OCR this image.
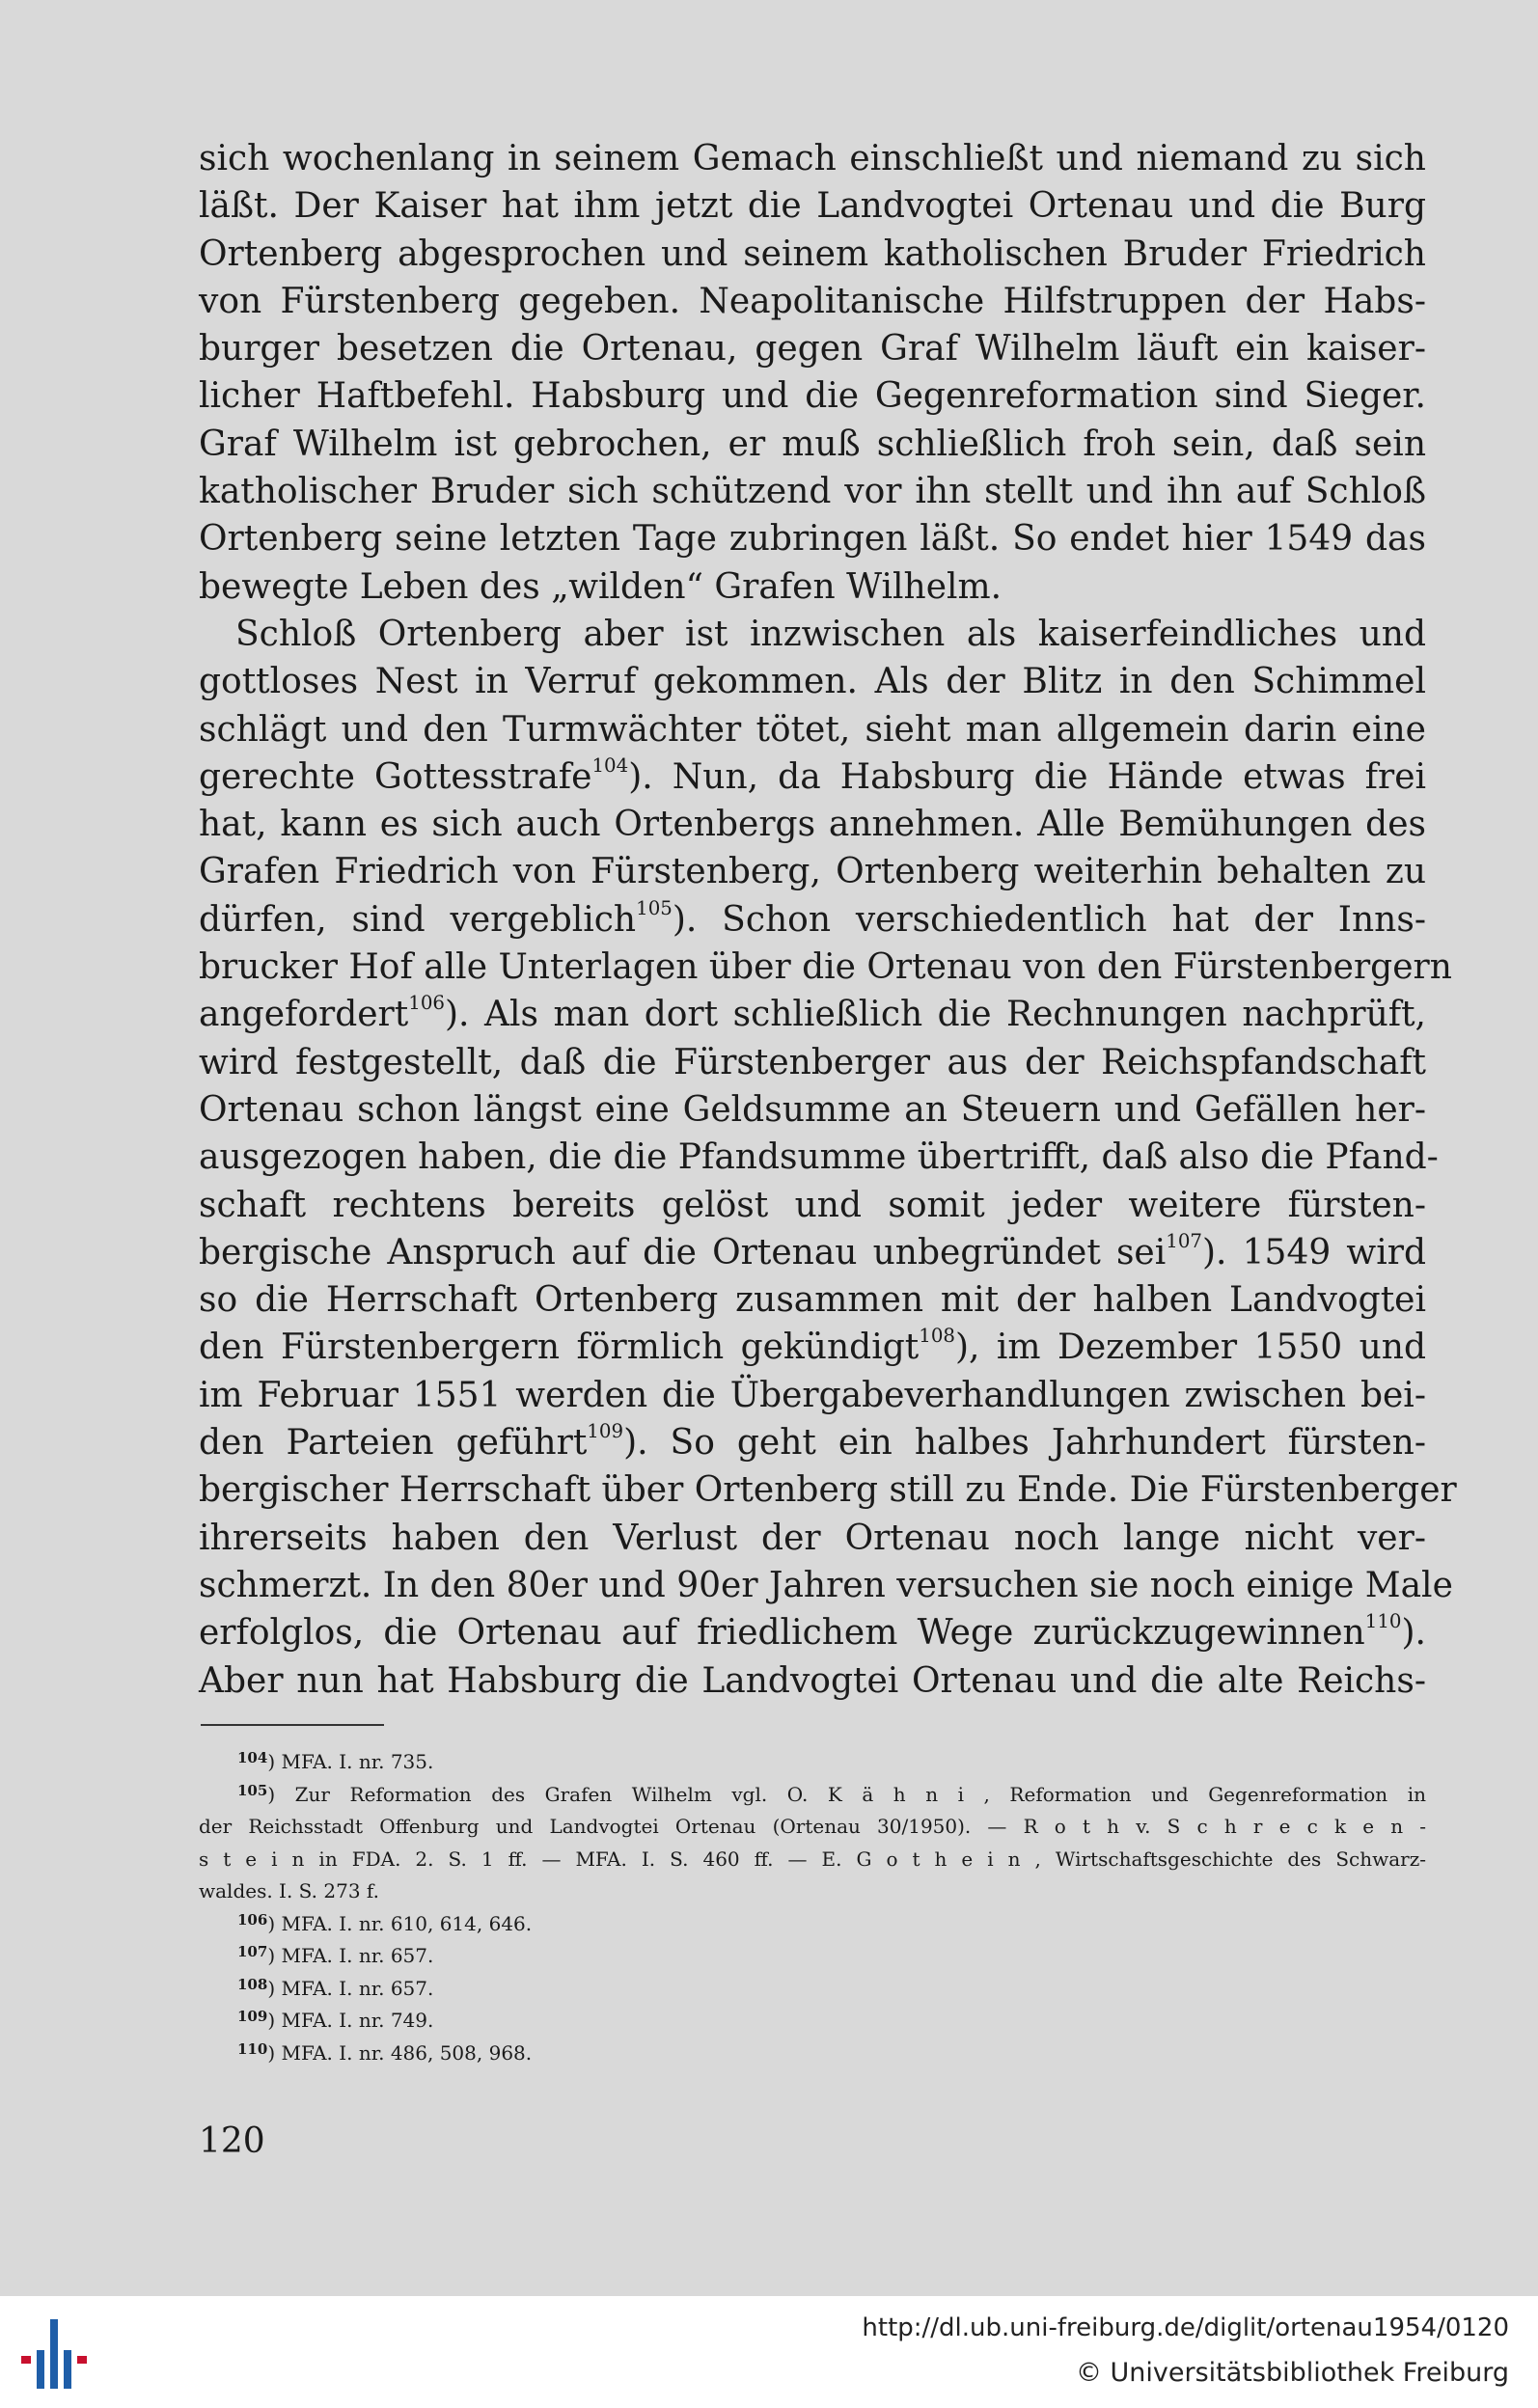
sich wochenlang in seinem Gemach einschließt und niemand zu sich
läßt. Der Kaiser hat ihm jetzt die Landvogtei Ortenau und die Burg
Ortenberg abgesprochen und seinem katholischen Bruder Friedrich
von Fürstenberg gegeben. Neapolitanische Hilfstruppen der Habs-
burger besetzen die Ortenau, gegen Graf Wilhelm läuft ein kaiser-
licher Haftbefehl. Habsburg und die Gegenreformation sind Sieger.
Graf Wilhelm ist gebrochen, er muß schließlich froh sein, daß sein
katholischer Bruder sich schützend vor ihn stellt und ihn auf Schloß
Ortenberg seine letzten Tage zubringen läßt. So endet hier 1549 das
bewegte Leben des „wilden“ Grafen Wilhelm.
Schloß Ortenberg aber ist inzwischen als kaiserfeindliches und
gottloses Nest in Verruf gekommen. Als der Blitz in den Schimmel
schlägt und den Turmwächter tötet, sieht man allgemein darin eine
gerechte Gottesstrafe$^{104}$). Nun, da Habsburg die Hände etwas frei
hat, kann es sich auch Ortenbergs annehmen. Alle Bemühungen des
Grafen Friedrich von Fürstenberg, Ortenberg weiterhin behalten zu
dürfen, sind vergeblich$^{105}$). Schon verschiedentlich hat der Inns-
brucker Hof alle Unterlagen über die Ortenau von den Fürstenbergern
angefordert$^{106}$). Als man dort schließlich die Rechnungen nachprüft,
wird festgestellt, daß die Fürstenberger aus der Reichspfandschaft
Ortenau schon längst eine Geldsumme an Steuern und Gefällen her-
ausgezogen haben, die die Pfandsumme übertrifft, daß also die Pfand-
schaft rechtens bereits gelöst und somit jeder weitere fürsten-
bergische Anspruch auf die Ortenau unbegründet sei$^{107}$). 1549 wird
so die Herrschaft Ortenberg zusammen mit der halben Landvogtei
den Fürstenbergern förmlich gekündigt$^{108}$), im Dezember 1550 und
im Februar 1551 werden die Übergabeverhandlungen zwischen bei-
den Parteien geführt$^{109}$). So geht ein halbes Jahrhundert fürsten-
bergischer Herrschaft über Ortenberg still zu Ende. Die Fürstenberger
ihrerseits haben den Verlust der Ortenau noch lange nicht ver-
schmerzt. In den 80er und 90er Jahren versuchen sie noch einige Male
erfolglos, die Ortenau auf friedlichem Wege zurückzugewinnen$^{110}$).
Aber nun hat Habsburg die Landvogtei Ortenau und die alte Reichs-
$^{104}$) MFA. I. nr. 735.
$^{105}$) Zur Reformation des Grafen Wilhelm vgl. O. K ä h n i , Reformation und Gegenreformation in
der Reichsstadt Offenburg und Landvogtei Ortenau (Ortenau 30/1950). — R o t h v. S c h r e c k e n -
s t e i n in FDA. 2. S. 1 ff. — MFA. I. S. 460 ff. — E. G o t h e i n , Wirtschaftsgeschichte des Schwarz-
waldes. I. S. 273 f.
$^{106}$) MFA. I. nr. 610, 614, 646.
$^{107}$) MFA. I. nr. 657.
$^{108}$) MFA. I. nr. 657.
$^{109}$) MFA. I. nr. 749.
$^{110}$) MFA. I. nr. 486, 508, 968.
120
http://dl.ub.uni-freiburg.de/diglit/ortenau1954/0120
© Universitätsbibliothek Freiburg
